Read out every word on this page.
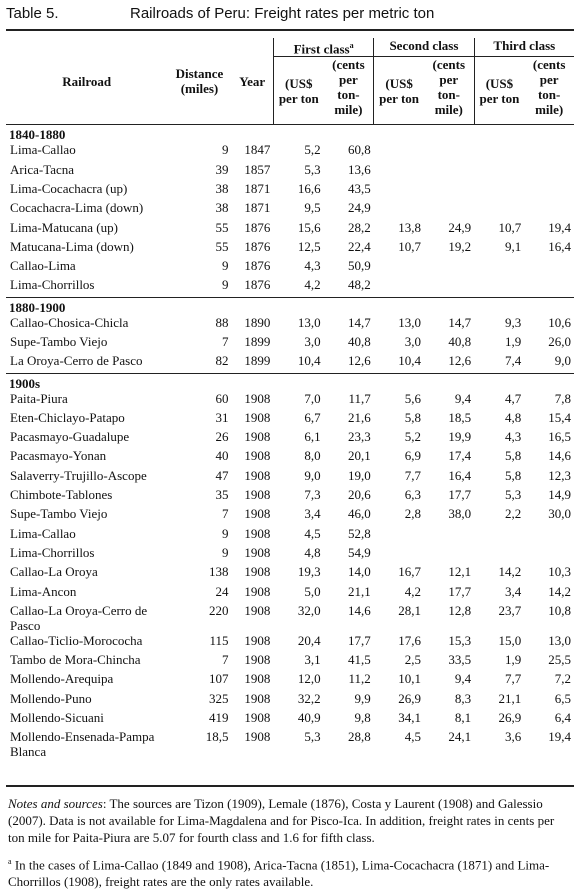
Table 5.	Railroads of Peru: Freight rates per metric ton
Railroad	Distance (miles)	Year	First class$^a$		Second class		Third class	
			(US$ per ton	(cents per ton-mile)	(US$ per ton	(cents per ton-mile)	(US$ per ton	(cents per ton-mile)
1840-1880								
Lima-Callao	9	1847	5,2	60,8				
Arica-Tacna	39	1857	5,3	13,6				
Lima-Cocachacra (up)	38	1871	16,6	43,5				
Cocachacra-Lima (down)	38	1871	9,5	24,9				
Lima-Matucana (up)	55	1876	15,6	28,2	13,8	24,9	10,7	19,4
Matucana-Lima (down)	55	1876	12,5	22,4	10,7	19,2	9,1	16,4
Callao-Lima	9	1876	4,3	50,9				
Lima-Chorrillos	9	1876	4,2	48,2				
1880-1900								
Callao-Chosica-Chicla	88	1890	13,0	14,7	13,0	14,7	9,3	10,6
Supe-Tambo Viejo	7	1899	3,0	40,8	3,0	40,8	1,9	26,0
La Oroya-Cerro de Pasco	82	1899	10,4	12,6	10,4	12,6	7,4	9,0
1900s								
Paita-Piura	60	1908	7,0	11,7	5,6	9,4	4,7	7,8
Eten-Chiclayo-Patapo	31	1908	6,7	21,6	5,8	18,5	4,8	15,4
Pacasmayo-Guadalupe	26	1908	6,1	23,3	5,2	19,9	4,3	16,5
Pacasmayo-Yonan	40	1908	8,0	20,1	6,9	17,4	5,8	14,6
Salaverry-Trujillo-Ascope	47	1908	9,0	19,0	7,7	16,4	5,8	12,3
Chimbote-Tablones	35	1908	7,3	20,6	6,3	17,7	5,3	14,9
Supe-Tambo Viejo	7	1908	3,4	46,0	2,8	38,0	2,2	30,0
Lima-Callao	9	1908	4,5	52,8				
Lima-Chorrillos	9	1908	4,8	54,9				
Callao-La Oroya	138	1908	19,3	14,0	16,7	12,1	14,2	10,3
Lima-Ancon	24	1908	5,0	21,1	4,2	17,7	3,4	14,2
Callao-La Oroya-Cerro de Pasco	220	1908	32,0	14,6	28,1	12,8	23,7	10,8
Callao-Ticlio-Morococha	115	1908	20,4	17,7	17,6	15,3	15,0	13,0
Tambo de Mora-Chincha	7	1908	3,1	41,5	2,5	33,5	1,9	25,5
Mollendo-Arequipa	107	1908	12,0	11,2	10,1	9,4	7,7	7,2
Mollendo-Puno	325	1908	32,2	9,9	26,9	8,3	21,1	6,5
Mollendo-Sicuani	419	1908	40,9	9,8	34,1	8,1	26,9	6,4
Mollendo-Ensenada-Pampa Blanca	18,5	1908	5,3	28,8	4,5	24,1	3,6	19,4
Notes and sources: The sources are Tizon (1909), Lemale (1876), Costa y Laurent (1908) and Galessio (2007). Data is not available for Lima-Magdalena and for Pisco-Ica. In addition, freight rates in cents per ton mile for Paita-Piura are 5.07 for fourth class and 1.6 for fifth class.
$^a$ In the cases of Lima-Callao (1849 and 1908), Arica-Tacna (1851), Lima-Cocachacra (1871) and Lima-Chorrillos (1908), freight rates are the only rates available.
